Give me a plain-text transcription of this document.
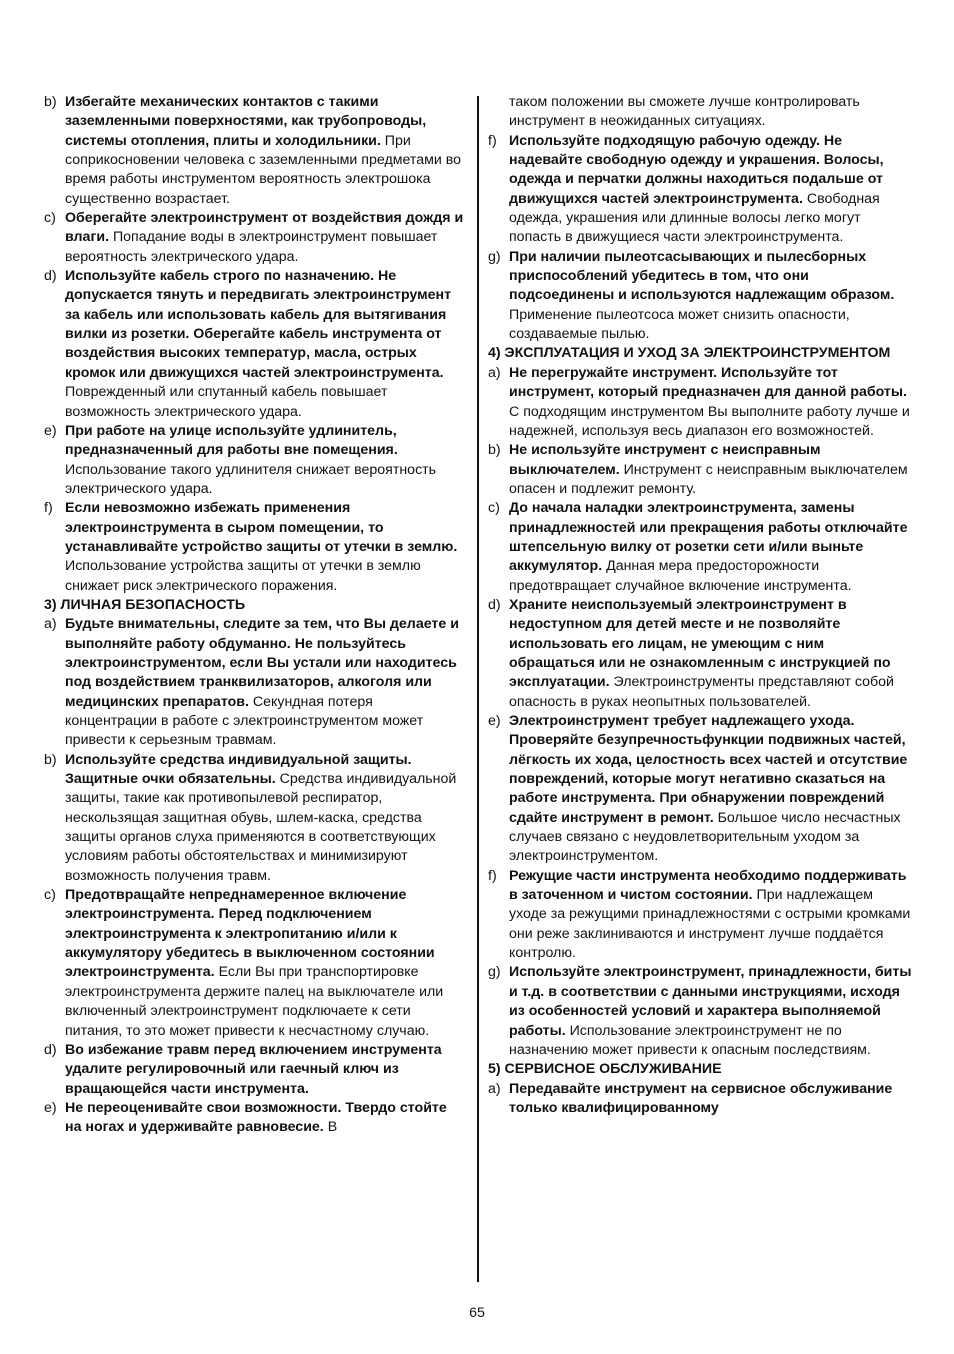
b) Избегайте механических контактов с такими заземленными поверхностями, как трубопроводы, системы отопления, плиты и холодильники. При соприкосновении человека с заземленными предметами во время работы инструментом вероятность электрошока существенно возрастает.

c) Оберегайте электроинструмент от воздействия дождя и влаги. Попадание воды в электроинструмент повышает вероятность электрического удара.

d) Используйте кабель строго по назначению. Не допускается тянуть и передвигать электроинструмент за кабель или использовать кабель для вытягивания вилки из розетки. Оберегайте кабель инструмента от воздействия высоких температур, масла, острых кромок или движущихся частей электроинструмента. Поврежденный или спутанный кабель повышает возможность электрического удара.

e) При работе на улице используйте удлинитель, предназначенный для работы вне помещения. Использование такого удлинителя снижает вероятность электрического удара.

f) Если невозможно избежать применения электроинструмента в сыром помещении, то устанавливайте устройство защиты от утечки в землю. Использование устройства защиты от утечки в землю снижает риск электрического поражения.

3) ЛИЧНАЯ БЕЗОПАСНОСТЬ

a) Будьте внимательны, следите за тем, что Вы делаете и выполняйте работу обдуманно. Не пользуйтесь электроинструментом, если Вы устали или находитесь под воздействием транквилизаторов, алкоголя или медицинских препаратов. Секундная потеря концентрации в работе с электроинструментом может привести к серьезным травмам.

b) Используйте средства индивидуальной защиты. Защитные очки обязательны. Средства индивидуальной защиты, такие как противопылевой респиратор, нескользящая защитная обувь, шлем-каска, средства защиты органов слуха применяются в соответствующих условиям работы обстоятельствах и минимизируют возможность получения травм.

c) Предотвращайте непреднамеренное включение электроинструмента. Перед подключением электроинструмента к электропитанию и/или к аккумулятору убедитесь в выключенном состоянии электроинструмента. Если Вы при транспортировке электроинструмента держите палец на выключателе или включенный электроинструмент подключаете к сети питания, то это может привести к несчастному случаю.

d) Во избежание травм перед включением инструмента удалите регулировочный или гаечный ключ из вращающейся части инструмента.

e) Не переоценивайте свои возможности. Твердо стойте на ногах и удерживайте равновесие. В

таком положении вы сможете лучше контролировать инструмент в неожиданных ситуациях.

f) Используйте подходящую рабочую одежду. Не надевайте свободную одежду и украшения. Волосы, одежда и перчатки должны находиться подальше от движущихся частей электроинструмента. Свободная одежда, украшения или длинные волосы легко могут попасть в движущиеся части электроинструмента.

g) При наличии пылеотсасывающих и пылесборных приспособлений убедитесь в том, что они подсоединены и используются надлежащим образом. Применение пылеотсоса может снизить опасности, создаваемые пылью.

4) ЭКСПЛУАТАЦИЯ И УХОД ЗА ЭЛЕКТРОИНСТРУМЕНТОМ

a) Не перегружайте инструмент. Используйте тот инструмент, который предназначен для данной работы. С подходящим инструментом Вы выполните работу лучше и надежней, используя весь диапазон его возможностей.

b) Не используйте инструмент с неисправным выключателем. Инструмент с неисправным выключателем опасен и подлежит ремонту.

c) До начала наладки электроинструмента, замены принадлежностей или прекращения работы отключайте штепсельную вилку от розетки сети и/или выньте аккумулятор. Данная мера предосторожности предотвращает случайное включение инструмента.

d) Храните неиспользуемый электроинструмент в недоступном для детей месте и не позволяйте использовать его лицам, не умеющим с ним обращаться или не ознакомленным с инструкцией по эксплуатации. Электроинструменты представляют собой опасность в руках неопытных пользователей.

e) Электроинструмент требует надлежащего ухода. Проверяйте безупречностьфункции подвижных частей, лёгкость их хода, целостность всех частей и отсутствие повреждений, которые могут негативно сказаться на работе инструмента. При обнаружении повреждений сдайте инструмент в ремонт. Большое число несчастных случаев связано с неудовлетворительным уходом за электроинструментом.

f) Режущие части инструмента необходимо поддерживать в заточенном и чистом состоянии. При надлежащем уходе за режущими принадлежностями с острыми кромками они реже заклиниваются и инструмент лучше поддаётся контролю.

g) Используйте электроинструмент, принадлежности, биты и т.д. в соответствии с данными инструкциями, исходя из особенностей условий и характера выполняемой работы. Использование электроинструмент не по назначению может привести к опасным последствиям.

5) СЕРВИСНОЕ ОБСЛУЖИВАНИЕ

a) Передавайте инструмент на сервисное обслуживание только квалифицированному

65
